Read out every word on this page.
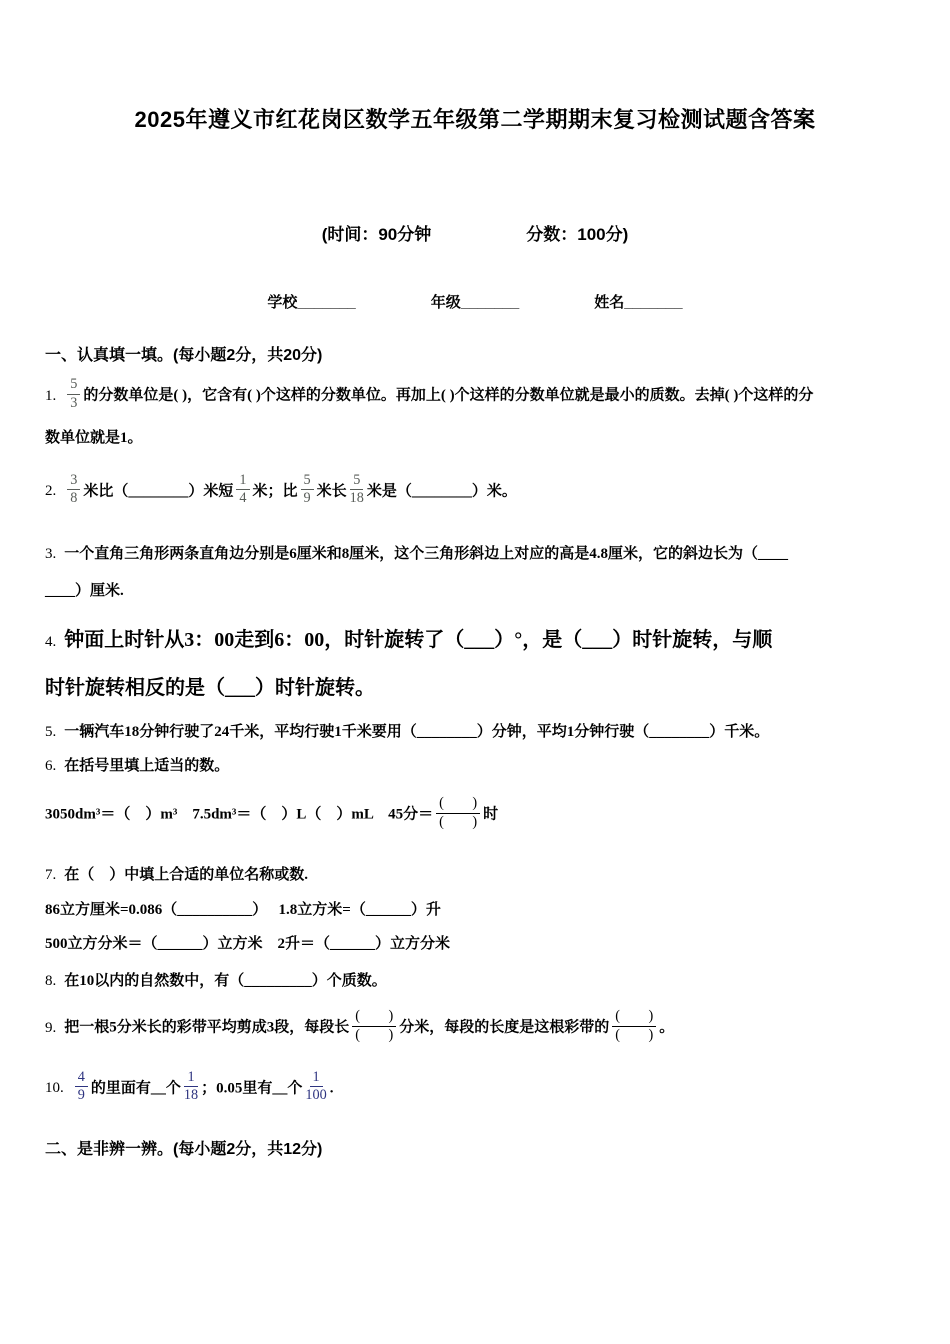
2025年遵义市红花岗区数学五年级第二学期期末复习检测试题含答案
(时间：90分钟	分数：100分)
学校_______	年级_______	姓名_______
一、认真填一填。(每小题2分，共20分)
1. $\frac{5}{3}$ 的分数单位是( )，它含有( )个这样的分数单位。再加上( )个这样的分数单位就是最小的质数。去掉( )个这样的分
数单位就是1。
2. $\frac{3}{8}$ 米比（________）米短 $\frac{1}{4}$ 米；比 $\frac{5}{9}$ 米长 $\frac{5}{18}$ 米是（________）米。
3. 一个直角三角形两条直角边分别是6厘米和8厘米，这个三角形斜边上对应的高是4.8厘米，它的斜边长为（____
____）厘米.
4. 钟面上时针从3：00走到6：00，时针旋转了（___）°，是（___）时针旋转，与顺
时针旋转相反的是（___）时针旋转。
5. 一辆汽车18分钟行驶了24千米，平均行驶1千米要用（________）分钟，平均1分钟行驶（________）千米。
6. 在括号里填上适当的数。
3050dm³＝（　）m³　7.5dm³＝（　）L（　）mL　45分＝ $\frac{( )}{( )}$ 时
7. 在（　）中填上合适的单位名称或数.
86立方厘米=0.086（__________）　 1.8立方米=（______）升
500立方分米＝（______）立方米　2升＝（______）立方分米
8. 在10以内的自然数中，有（_________）个质数。
9. 把一根5分米长的彩带平均剪成3段，每段长 $\frac{( )}{( )}$ 分米，每段的长度是这根彩带的 $\frac{( )}{( )}$ 。
10. $\frac{4}{9}$ 的里面有__个 $\frac{1}{18}$ ；0.05里有__个 $\frac{1}{100}$ .
二、是非辨一辨。(每小题2分，共12分)
